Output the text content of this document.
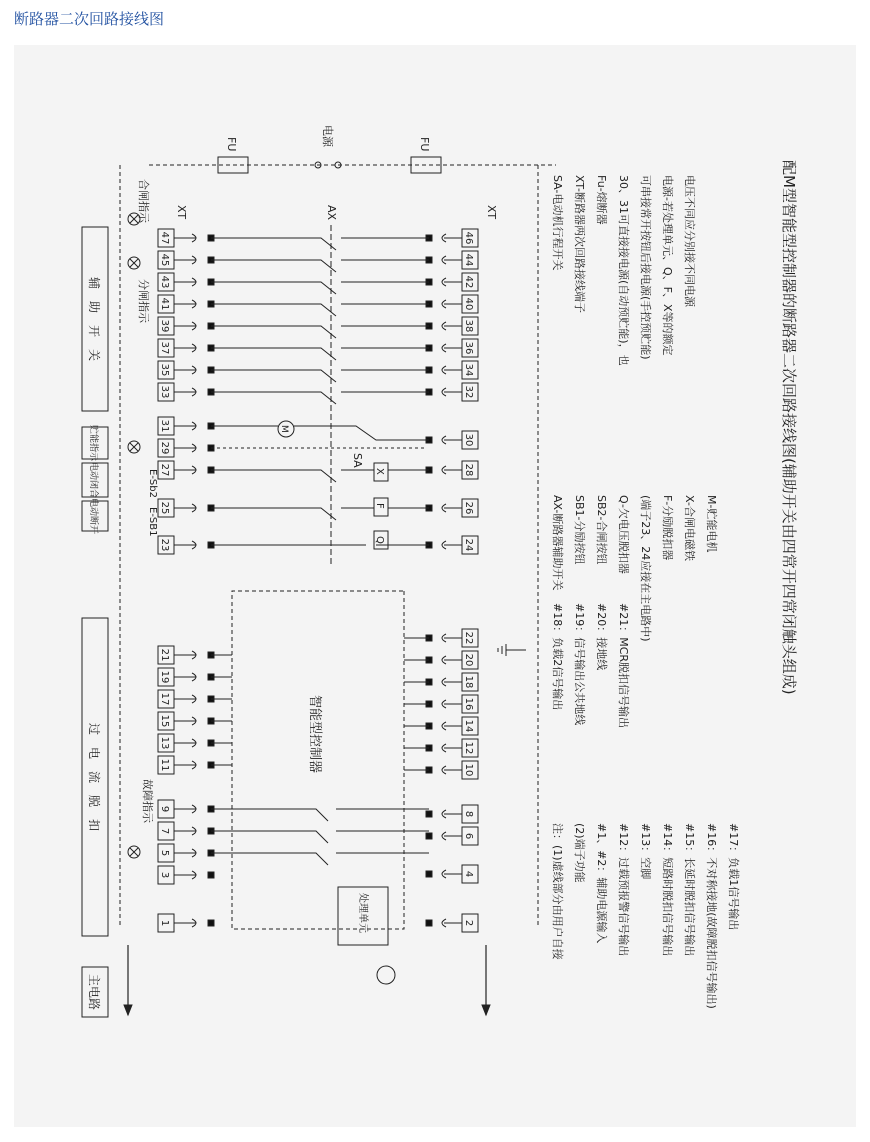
断路器二次回路接线图
主电路
过　电　流　脱　扣
电动断开
电动闭合
贮能指示
辅　助　开　关
合闸指示
分闸指示
故障指示
E-SB1
E-Sb2
FU	FU
电源
XT	XT
AX
SA
47
45
43
41
39
37
35
33
31
29
27
25
23
21
19
17
15
13
11
9
7
5
3
1
46
44
42
40
38
36
34
32
30
28
26
24
22
20
18
16
14
12
10
8
6
4
2
智能型控制器
处理单元
Q
F
X
M
注：(1)虚线部分由用户自接 (2)端子功能 #1、#2：辅助电源输入 #12：过载预报警信号输出 #13：空脚 #14：短路时脱扣信号输出 #15：长延时脱扣信号输出 #16：不对称接地(故障脱扣信号输出) #17：负载1信号输出
#18：负载2信号输出 #19：信号输出公共地线 #20：接地线 #21：MCR脱扣信号输出
AX-断路器辅助开关 SB1-分励按钮 SB2-合闸按钮 Q-欠电压脱扣器 (端子23、24应接在主电路中) F-分励脱扣器 X-合闸电磁铁 M-贮能电机
SA-电动机行程开关 XT-断路器两次回路接线端子 Fu-熔断器 30、31可直接接电源(自动预贮能)，也 可串接常开按钮后接电源(手控预贮能) 电源-若处理单元、Q、F、X等的额定 电压不同应分别接不同电源	配M型智能型控制器的断路器二次回路接线图(辅助开关由四常开四常闭触头组成)
